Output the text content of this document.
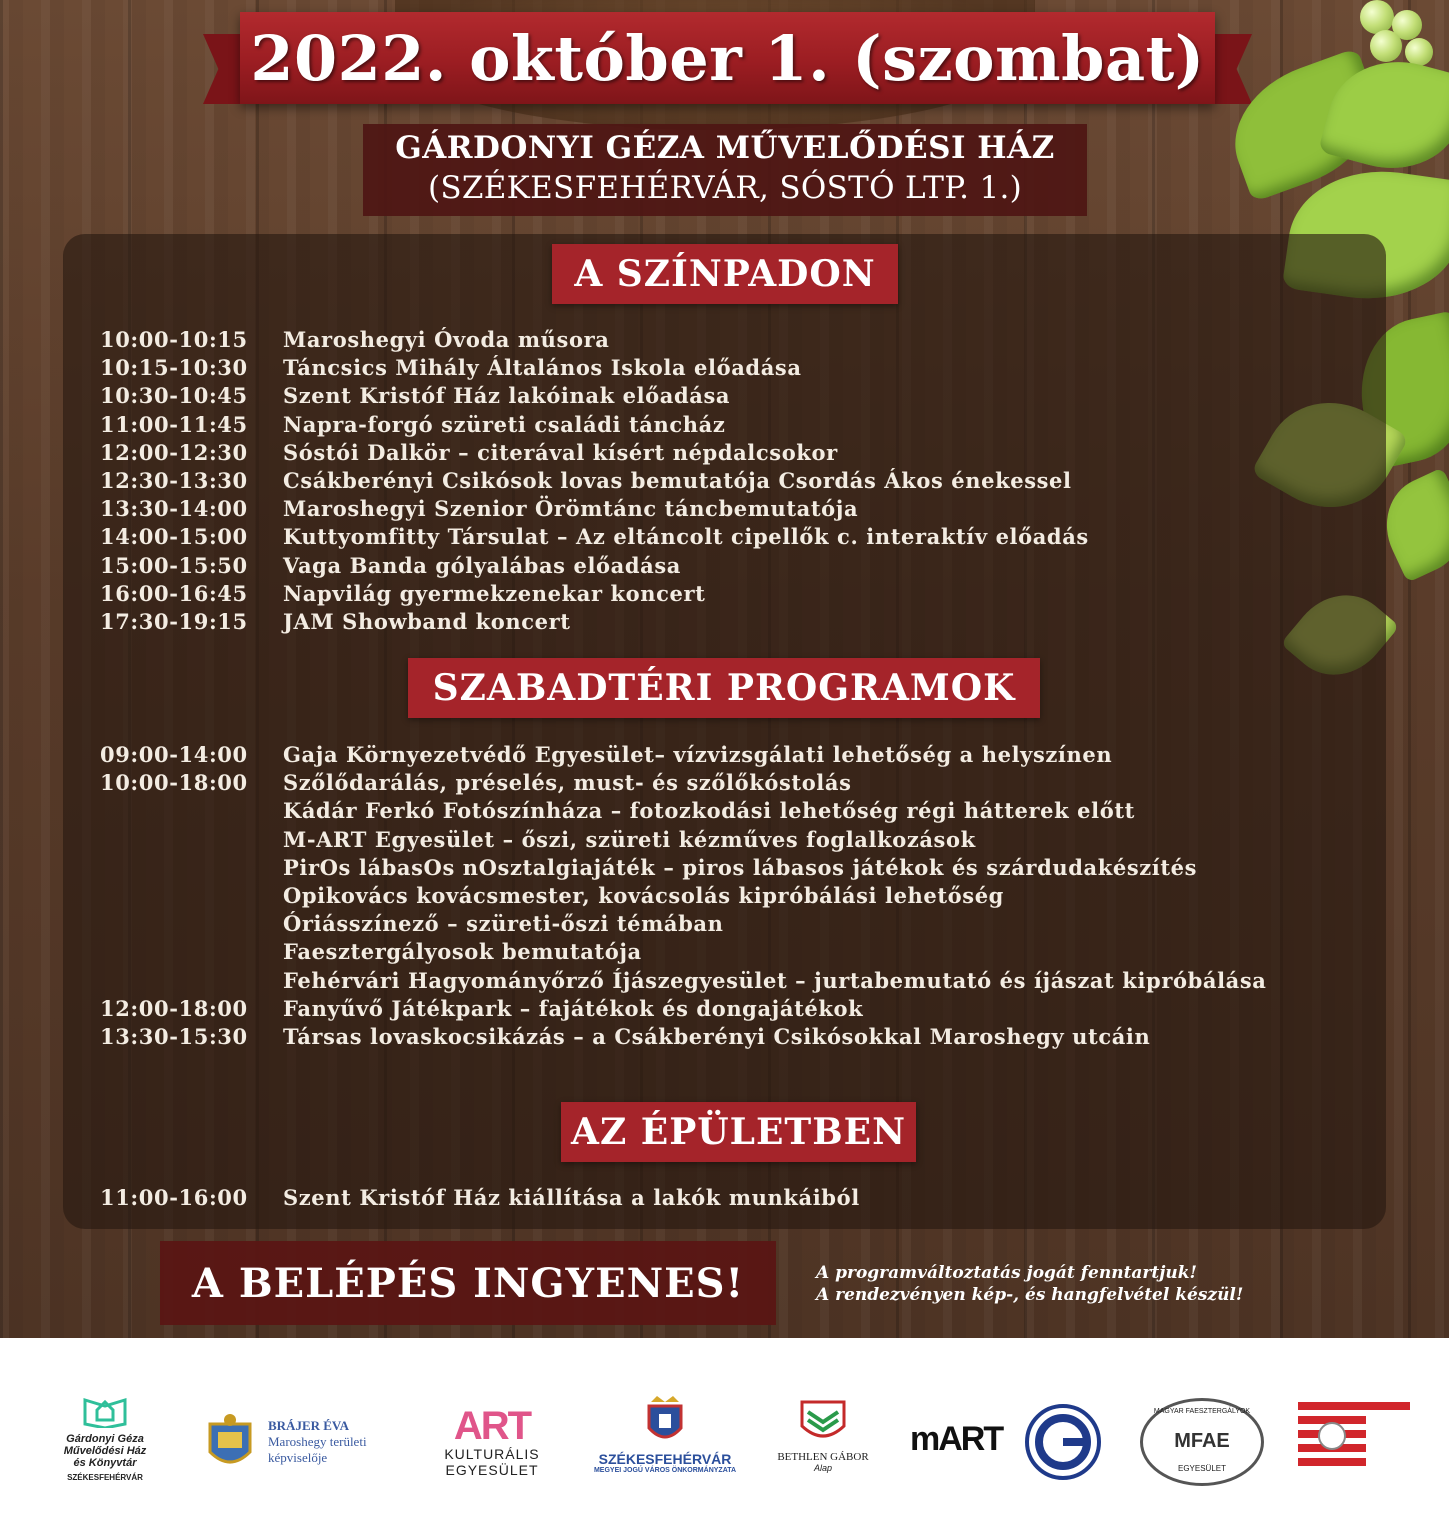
2022. október 1. (szombat)
GÁRDONYI GÉZA MŰVELŐDÉSI HÁZ
(SZÉKESFEHÉRVÁR, SÓSTÓ LTP. 1.)
A SZÍNPADON
10:00-10:15	Maroshegyi Óvoda műsora
10:15-10:30	Táncsics Mihály Általános Iskola előadása
10:30-10:45	Szent Kristóf Ház lakóinak előadása
11:00-11:45	Napra-forgó szüreti családi táncház
12:00-12:30	Sóstói Dalkör – citerával kísért népdalcsokor
12:30-13:30	Csákberényi Csikósok lovas bemutatója Csordás Ákos énekessel
13:30-14:00	Maroshegyi Szenior Örömtánc táncbemutatója
14:00-15:00	Kuttyomfitty Társulat – Az eltáncolt cipellők c. interaktív előadás
15:00-15:50	Vaga Banda gólyalábas előadása
16:00-16:45	Napvilág gyermekzenekar koncert
17:30-19:15	JAM Showband koncert
SZABADTÉRI PROGRAMOK
09:00-14:00	Gaja Környezetvédő Egyesület– vízvizsgálati lehetőség a helyszínen
10:00-18:00	Szőlődarálás, préselés, must- és szőlőkóstolás
Kádár Ferkó Fotószínháza – fotozkodási lehetőség régi hátterek előtt
M-ART Egyesület – őszi, szüreti kézműves foglalkozások
PirOs lábasOs nOsztalgiajáték – piros lábasos játékok és szárdudakészítés
Opikovács kovácsmester, kovácsolás kipróbálási lehetőség
Óriásszínező – szüreti-őszi témában
Faesztergályosok bemutatója
Fehérvári Hagyományőrző Íjászegyesület – jurtabemutató és íjászat kipróbálása
12:00-18:00	Fanyűvő Játékpark – fajátékok és dongajátékok
13:30-15:30	Társas lovaskocsikázás – a Csákberényi Csikósokkal Maroshegy utcáin
AZ ÉPÜLETBEN
11:00-16:00	Szent Kristóf Ház kiállítása a lakók munkáiból
A BELÉPÉS INGYENES!	A programváltoztatás jogát fenntartjuk!
A rendezvényen kép-, és hangfelvétel készül!
Gárdonyi Géza
Művelődési Ház
és Könyvtár
SZÉKESFEHÉRVÁR
BRÁJER ÉVA
Maroshegy területi
képviselője
ART
KULTURÁLIS
EGYESÜLET
SZÉKESFEHÉRVÁR
MEGYEI JOGÚ VÁROS ÖNKORMÁNYZATA
BETHLEN GÁBOR
Alap
mART
MAGYAR FAESZTERGÁLYOK
MFAE
EGYESÜLET
